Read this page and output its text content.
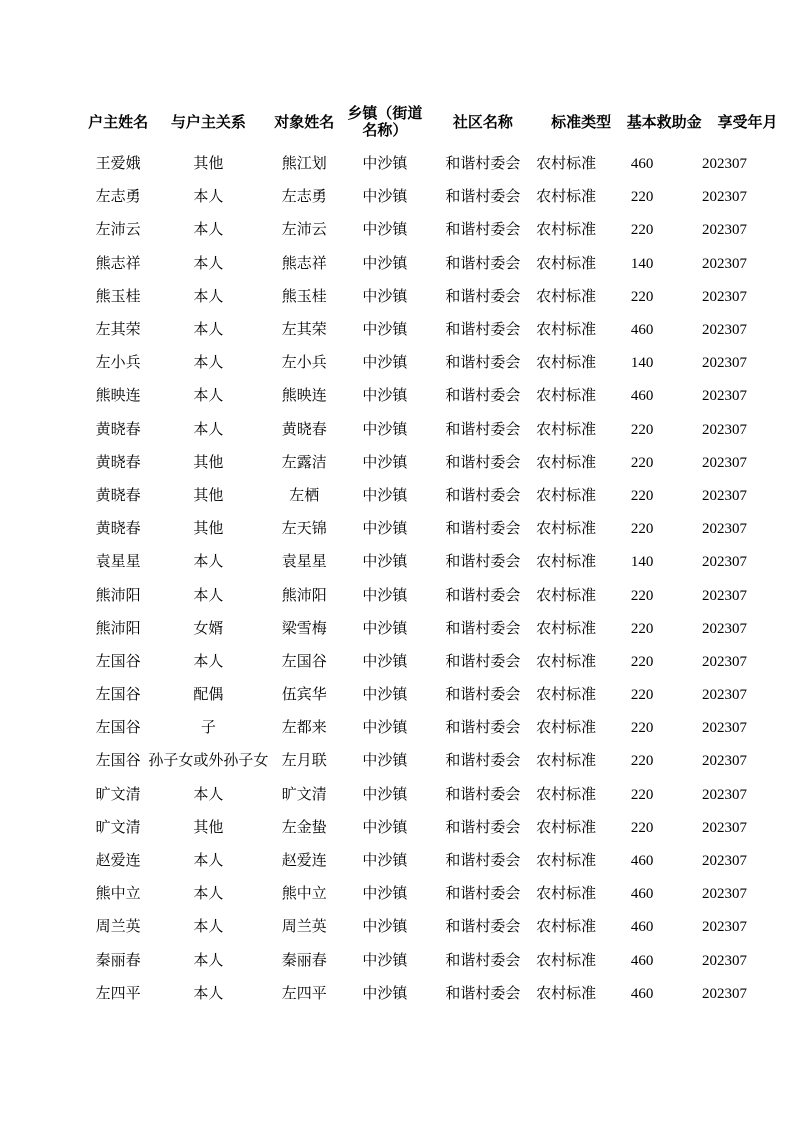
户主姓名	与户主关系	对象姓名	乡镇（街道名称）	社区名称	标准类型	基本救助金	享受年月
王爱娥	其他	熊江划	中沙镇	和谐村委会	农村标准	460	202307
左志勇	本人	左志勇	中沙镇	和谐村委会	农村标准	220	202307
左沛云	本人	左沛云	中沙镇	和谐村委会	农村标准	220	202307
熊志祥	本人	熊志祥	中沙镇	和谐村委会	农村标准	140	202307
熊玉桂	本人	熊玉桂	中沙镇	和谐村委会	农村标准	220	202307
左其荣	本人	左其荣	中沙镇	和谐村委会	农村标准	460	202307
左小兵	本人	左小兵	中沙镇	和谐村委会	农村标准	140	202307
熊映连	本人	熊映连	中沙镇	和谐村委会	农村标准	460	202307
黄晓春	本人	黄晓春	中沙镇	和谐村委会	农村标准	220	202307
黄晓春	其他	左露洁	中沙镇	和谐村委会	农村标准	220	202307
黄晓春	其他	左栖	中沙镇	和谐村委会	农村标准	220	202307
黄晓春	其他	左天锦	中沙镇	和谐村委会	农村标准	220	202307
袁星星	本人	袁星星	中沙镇	和谐村委会	农村标准	140	202307
熊沛阳	本人	熊沛阳	中沙镇	和谐村委会	农村标准	220	202307
熊沛阳	女婿	梁雪梅	中沙镇	和谐村委会	农村标准	220	202307
左国谷	本人	左国谷	中沙镇	和谐村委会	农村标准	220	202307
左国谷	配偶	伍宾华	中沙镇	和谐村委会	农村标准	220	202307
左国谷	子	左都来	中沙镇	和谐村委会	农村标准	220	202307
左国谷	孙子女或外孙子女	左月联	中沙镇	和谐村委会	农村标准	220	202307
旷文清	本人	旷文清	中沙镇	和谐村委会	农村标准	220	202307
旷文清	其他	左金蛰	中沙镇	和谐村委会	农村标准	220	202307
赵爱连	本人	赵爱连	中沙镇	和谐村委会	农村标准	460	202307
熊中立	本人	熊中立	中沙镇	和谐村委会	农村标准	460	202307
周兰英	本人	周兰英	中沙镇	和谐村委会	农村标准	460	202307
秦丽春	本人	秦丽春	中沙镇	和谐村委会	农村标准	460	202307
左四平	本人	左四平	中沙镇	和谐村委会	农村标准	460	202307
